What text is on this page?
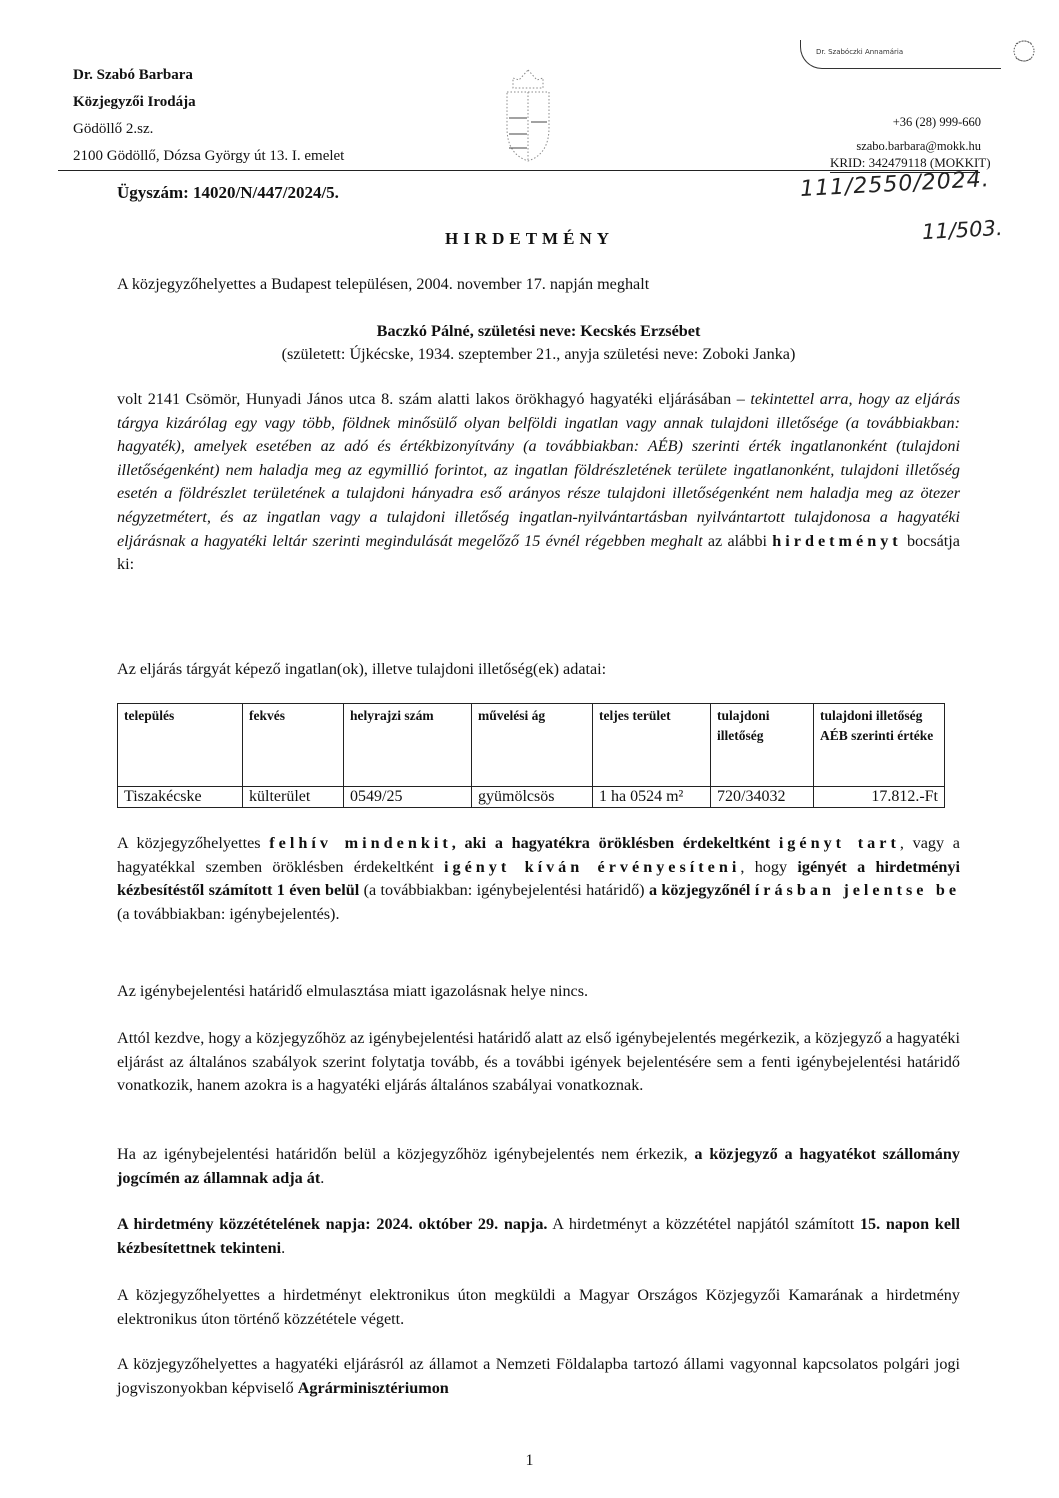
Dr. Szabó Barbara
Közjegyzői Irodája
Gödöllő 2.sz.
2100 Gödöllő, Dózsa György út 13. I. emelet
Dr. Szabóczki Annamária
+36 (28) 999-660
szabo.barbara@mokk.hu
KRID: 342479118 (MOKKIT)
Ügyszám: 14020/N/447/2024/5.	111/2550/2024.
11/503.
HIRDETMÉNY
A közjegyzőhelyettes a Budapest településen, 2004. november 17. napján meghalt
Baczkó Pálné, születési neve: Kecskés Erzsébet
(született: Újkécske, 1934. szeptember 21., anyja születési neve: Zoboki Janka)
volt 2141 Csömör, Hunyadi János utca 8. szám alatti lakos örökhagyó hagyatéki eljárásában – tekintettel arra, hogy az eljárás tárgya kizárólag egy vagy több, földnek minősülő olyan belföldi ingatlan vagy annak tulajdoni illetősége (a továbbiakban: hagyaték), amelyek esetében az adó és értékbizonyítvány (a továbbiakban: AÉB) szerinti érték ingatlanonként (tulajdoni illetőségenként) nem haladja meg az egymillió forintot, az ingatlan földrészletének területe ingatlanonként, tulajdoni illetőség esetén a földrészlet területének a tulajdoni hányadra eső arányos része tulajdoni illetőségenként nem haladja meg az ötezer négyzetmétert, és az ingatlan vagy a tulajdoni illetőség ingatlan-nyilvántartásban nyilvántartott tulajdonosa a hagyatéki eljárásnak a hagyatéki leltár szerinti megindulását megelőző 15 évnél régebben meghalt az alábbi hirdetményt bocsátja ki:
Az eljárás tárgyát képező ingatlan(ok), illetve tulajdoni illetőség(ek) adatai:
település	fekvés	helyrajzi szám	művelési ág	teljes terület	tulajdoni illetőség	tulajdoni illetőség AÉB szerinti értéke
Tiszakécske	külterület	0549/25	gyümölcsös	1 ha 0524 m²	720/34032	17.812.-Ft
A közjegyzőhelyettes felhív mindenkit, aki a hagyatékra öröklésben érdekeltként igényt tart, vagy a hagyatékkal szemben öröklésben érdekeltként igényt kíván érvényesíteni, hogy igényét a hirdetményi kézbesítéstől számított 1 éven belül (a továbbiakban: igénybejelentési határidő) a közjegyzőnél írásban jelentse be (a továbbiakban: igénybejelentés).
Az igénybejelentési határidő elmulasztása miatt igazolásnak helye nincs.
Attól kezdve, hogy a közjegyzőhöz az igénybejelentési határidő alatt az első igénybejelentés megérkezik, a közjegyző a hagyatéki eljárást az általános szabályok szerint folytatja tovább, és a további igények bejelentésére sem a fenti igénybejelentési határidő vonatkozik, hanem azokra is a hagyatéki eljárás általános szabályai vonatkoznak.
Ha az igénybejelentési határidőn belül a közjegyzőhöz igénybejelentés nem érkezik, a közjegyző a hagyatékot szállomány jogcímén az államnak adja át.
A hirdetmény közzétételének napja: 2024. október 29. napja. A hirdetményt a közzététel napjától számított 15. napon kell kézbesítettnek tekinteni.
A közjegyzőhelyettes a hirdetményt elektronikus úton megküldi a Magyar Országos Közjegyzői Kamarának a hirdetmény elektronikus úton történő közzététele végett.
A közjegyzőhelyettes a hagyatéki eljárásról az államot a Nemzeti Földalapba tartozó állami vagyonnal kapcsolatos polgári jogi jogviszonyokban képviselő Agrárminisztériumon
1
